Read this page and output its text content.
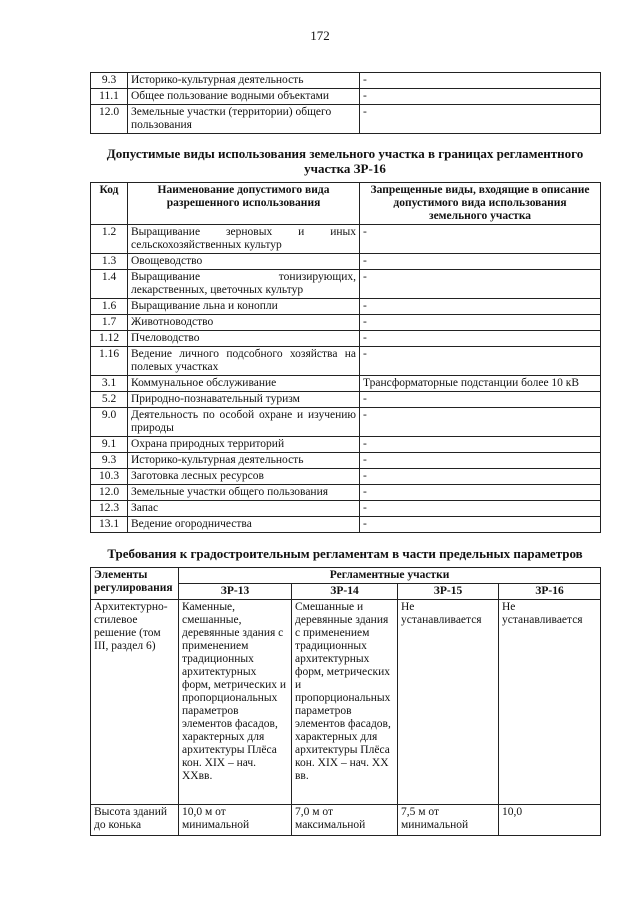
172
9.3	Историко-культурная деятельность	-
11.1	Общее пользование водными объектами	-
12.0	Земельные участки (территории) общего пользования	-
Допустимые виды использования земельного участка в границах регламентного участка ЗР-16
Код	Наименование допустимого вида разрешенного использования	Запрещенные виды, входящие в описание допустимого вида использования земельного участка
1.2	Выращивание зерновых и иных сельскохозяйственных культур	-
1.3	Овощеводство	-
1.4	Выращивание тонизирующих, лекарственных, цветочных культур	-
1.6	Выращивание льна и конопли	-
1.7	Животноводство	-
1.12	Пчеловодство	-
1.16	Ведение личного подсобного хозяйства на полевых участках	-
3.1	Коммунальное обслуживание	Трансформаторные подстанции более 10 кВ
5.2	Природно-познавательный туризм	-
9.0	Деятельность по особой охране и изучению природы	-
9.1	Охрана природных территорий	-
9.3	Историко-культурная деятельность	-
10.3	Заготовка лесных ресурсов	-
12.0	Земельные участки общего пользования	-
12.3	Запас	-
13.1	Ведение огородничества	-
Требования к градостроительным регламентам в части предельных параметров
Элементы регулирования	Регламентные участки			
	ЗР-13	ЗР-14	ЗР-15	ЗР-16
Архитектурно-стилевое решение (том III, раздел 6)	Каменные, смешанные, деревянные здания с применением традиционных архитектурных форм, метрических и пропорциональных параметров элементов фасадов, характерных для архитектуры Плёса кон. XIX – нач. XXвв.	Смешанные и деревянные здания с применением традиционных архитектурных форм, метрических и пропорциональных параметров элементов фасадов, характерных для архитектуры Плёса кон. XIX – нач. XX вв.	Не устанавливается	Не устанавливается
Высота зданий до конька	10,0 м от минимальной	7,0 м от максимальной	7,5 м от минимальной	10,0
